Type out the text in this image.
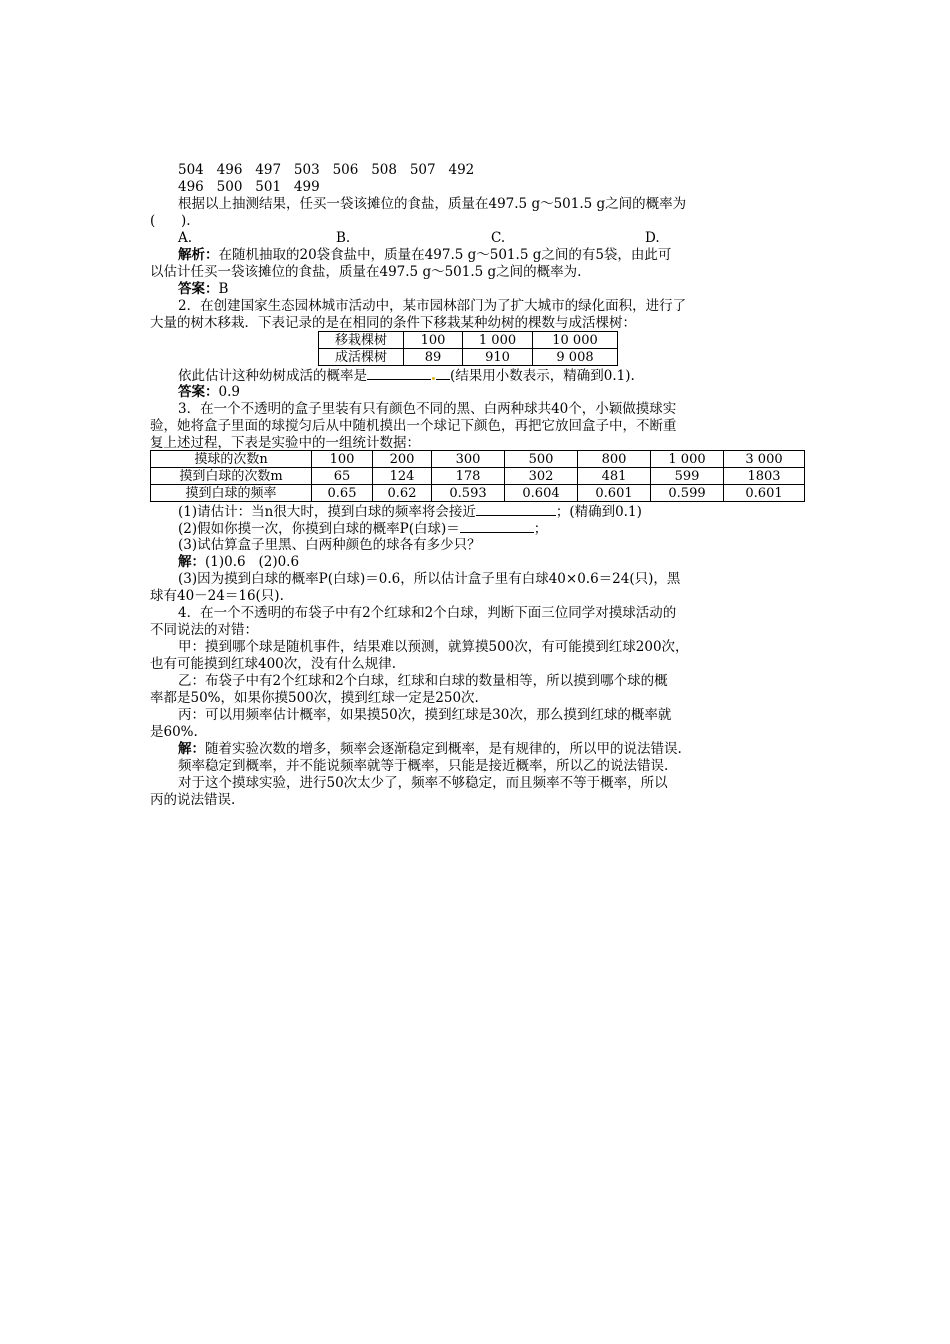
504   496   497   503   506   508   507   492
496   500   501   499
根据以上抽测结果，任买一袋该摊位的食盐，质量在497.5 g～501.5 g之间的概率为
(      ).
A.	B.	C.	D.
解析：在随机抽取的20袋食盐中，质量在497.5 g～501.5 g之间的有5袋，由此可
以估计任买一袋该摊位的食盐，质量在497.5 g～501.5 g之间的概率为.
答案：B
2．在创建国家生态园林城市活动中，某市园林部门为了扩大城市的绿化面积，进行了
大量的树木移栽．下表记录的是在相同的条件下移栽某种幼树的棵数与成活棵树：
移栽棵树	100	1 000	10 000
成活棵树	89	910	9 008
依此估计这种幼树成活的概率是	(结果用小数表示，精确到0.1).
答案：0.9
3．在一个不透明的盒子里装有只有颜色不同的黑、白两种球共40个，小颖做摸球实
验，她将盒子里面的球搅匀后从中随机摸出一个球记下颜色，再把它放回盒子中，不断重
复上述过程，下表是实验中的一组统计数据：
摸球的次数n	100	200	300	500	800	1 000	3 000
摸到白球的次数m	65	124	178	302	481	599	1803
摸到白球的频率	0.65	0.62	0.593	0.604	0.601	0.599	0.601
(1)请估计：当n很大时，摸到白球的频率将会接近	；(精确到0.1)
(2)假如你摸一次，你摸到白球的概率P(白球)＝	；
(3)试估算盒子里黑、白两种颜色的球各有多少只？
解：(1)0.6   (2)0.6
(3)因为摸到白球的概率P(白球)＝0.6，所以估计盒子里有白球40×0.6＝24(只)，黑
球有40－24＝16(只).
4．在一个不透明的布袋子中有2个红球和2个白球，判断下面三位同学对摸球活动的
不同说法的对错：
甲：摸到哪个球是随机事件，结果难以预测，就算摸500次，有可能摸到红球200次，
也有可能摸到红球400次，没有什么规律.
乙：布袋子中有2个红球和2个白球，红球和白球的数量相等，所以摸到哪个球的概
率都是50%，如果你摸500次，摸到红球一定是250次.
丙：可以用频率估计概率，如果摸50次，摸到红球是30次，那么摸到红球的概率就
是60%.
解：随着实验次数的增多，频率会逐渐稳定到概率，是有规律的，所以甲的说法错误.
频率稳定到概率，并不能说频率就等于概率，只能是接近概率，所以乙的说法错误.
对于这个摸球实验，进行50次太少了，频率不够稳定，而且频率不等于概率，所以
丙的说法错误.
